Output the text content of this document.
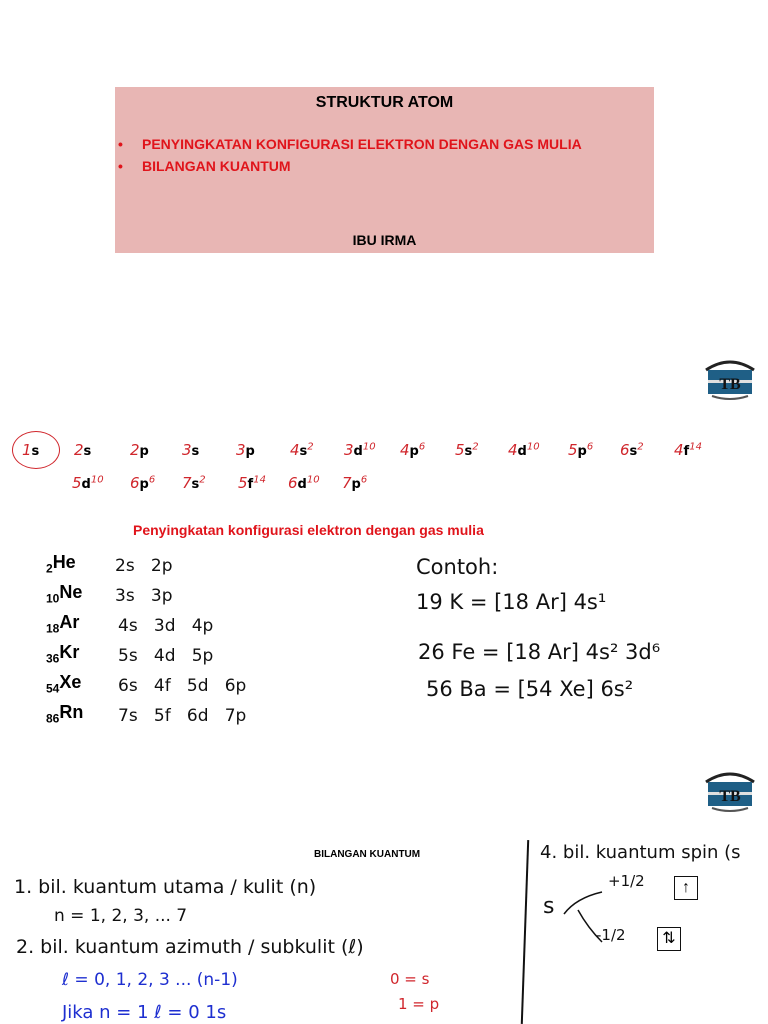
STRUKTUR ATOM
• PENYINGKATAN KONFIGURASI ELEKTRON DENGAN GAS MULIA
• BILANGAN KUANTUM
IBU IRMA
TB
1s 2s	2p 3s 3p $4s^2$ $3d^{10}$ $4p^6$ $5s^2$ $4d^{10}$ $5p^6$ $6s^2$ $4f^{14}$
$5d^{10}$ $6p^6$ $7s^2$ $5f^{14}$ $6d^{10}$ $7p^6$
Penyingkatan konfigurasi elektron dengan gas mulia
$_2$He 2s   2p
$_{10}$Ne 3s   3p
$_{18}$Ar 4s   3d   4p
$_{36}$Kr 5s   4d   5p
$_{54}$Xe 6s   4f   5d   6p
$_{86}$Rn 7s   5f   6d   7p
Contoh:
19 K = [18 Ar] 4s¹
26 Fe = [18 Ar] 4s² 3d⁶
56 Ba = [54 Xe] 6s²
TB
BILANGAN KUANTUM
1. bil. kuantum utama / kulit (n)
n = 1, 2, 3, ... 7
2. bil. kuantum azimuth / subkulit (ℓ)
ℓ = 0, 1, 2, 3 ... (n-1)
Jika n = 1 ℓ = 0 1s
0 = s
1 = p
4. bil. kuantum spin (s
s
+1/2
-1/2
↑
⇅
